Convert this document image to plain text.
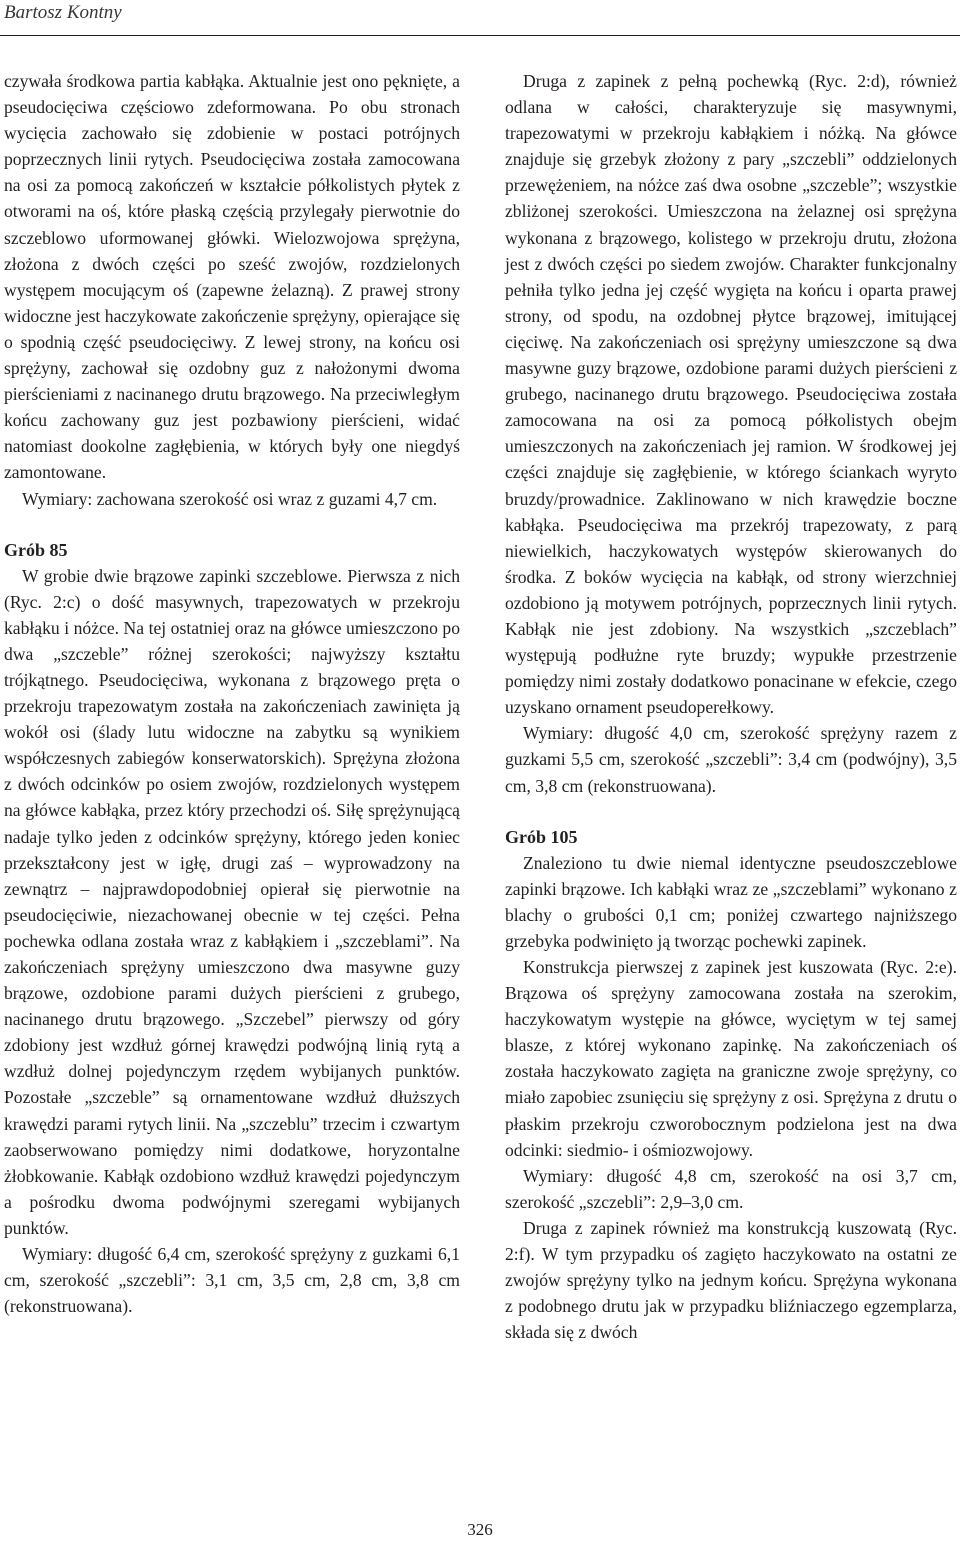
Bartosz Kontny

czywała środkowa partia kabłąka. Aktualnie jest ono pęknięte, a pseudocięciwa częściowo zdeformowana. Po obu stronach wycięcia zachowało się zdobienie w postaci potrójnych poprzecznych linii rytych. Pseudocięciwa została zamocowana na osi za pomocą zakończeń w kształcie półkolistych płytek z otworami na oś, które płaską częścią przylegały pierwotnie do szczeblowo uformowanej główki. Wielozwojowa sprężyna, złożona z dwóch części po sześć zwojów, rozdzielonych występem mocującym oś (zapewne żelazną). Z prawej strony widoczne jest haczykowate zakończenie sprężyny, opierające się o spodnią część pseudocięciwy. Z lewej strony, na końcu osi sprężyny, zachował się ozdobny guz z nałożonymi dwoma pierścieniami z nacinanego drutu brązowego. Na przeciwległym końcu zachowany guz jest pozbawiony pierścieni, widać natomiast dookolne zagłębienia, w których były one niegdyś zamontowane.

Wymiary: zachowana szerokość osi wraz z guzami 4,7 cm.

Grób 85

W grobie dwie brązowe zapinki szczeblowe. Pierwsza z nich (Ryc. 2:c) o dość masywnych, trapezowatych w przekroju kabłąku i nóżce. Na tej ostatniej oraz na główce umieszczono po dwa „szczeble” różnej szerokości; najwyższy kształtu trójkątnego. Pseudocięciwa, wykonana z brązowego pręta o przekroju trapezowatym została na zakończeniach zawinięta ją wokół osi (ślady lutu widoczne na zabytku są wynikiem współczesnych zabiegów konserwatorskich). Sprężyna złożona z dwóch odcinków po osiem zwojów, rozdzielonych występem na główce kabłąka, przez który przechodzi oś. Siłę sprężynującą nadaje tylko jeden z odcinków sprężyny, którego jeden koniec przekształcony jest w igłę, drugi zaś – wyprowadzony na zewnątrz – najprawdopodobniej opierał się pierwotnie na pseudocięciwie, niezachowanej obecnie w tej części. Pełna pochewka odlana została wraz z kabłąkiem i „szczeblami”. Na zakończeniach sprężyny umieszczono dwa masywne guzy brązowe, ozdobione parami dużych pierścieni z grubego, nacinanego drutu brązowego. „Szczebel” pierwszy od góry zdobiony jest wzdłuż górnej krawędzi podwójną linią rytą a wzdłuż dolnej pojedynczym rzędem wybijanych punktów. Pozostałe „szczeble” są ornamentowane wzdłuż dłuższych krawędzi parami rytych linii. Na „szczeblu” trzecim i czwartym zaobserwowano pomiędzy nimi dodatkowe, horyzontalne żłobkowanie. Kabłąk ozdobiono wzdłuż krawędzi pojedynczym a pośrodku dwoma podwójnymi szeregami wybijanych punktów.

Wymiary: długość 6,4 cm, szerokość sprężyny z guzkami 6,1 cm, szerokość „szczebli”: 3,1 cm, 3,5 cm, 2,8 cm, 3,8 cm (rekonstruowana).

Druga z zapinek z pełną pochewką (Ryc. 2:d), również odlana w całości, charakteryzuje się masywnymi, trapezowatymi w przekroju kabłąkiem i nóżką. Na główce znajduje się grzebyk złożony z pary „szczebli” oddzielonych przewężeniem, na nóżce zaś dwa osobne „szczeble”; wszystkie zbliżonej szerokości. Umieszczona na żelaznej osi sprężyna wykonana z brązowego, kolistego w przekroju drutu, złożona jest z dwóch części po siedem zwojów. Charakter funkcjonalny pełniła tylko jedna jej część wygięta na końcu i oparta prawej strony, od spodu, na ozdobnej płytce brązowej, imitującej cięciwę. Na zakończeniach osi sprężyny umieszczone są dwa masywne guzy brązowe, ozdobione parami dużych pierścieni z grubego, nacinanego drutu brązowego. Pseudocięciwa została zamocowana na osi za pomocą półkolistych obejm umieszczonych na zakończeniach jej ramion. W środkowej jej części znajduje się zagłębienie, w którego ściankach wyryto bruzdy/prowadnice. Zaklinowano w nich krawędzie boczne kabłąka. Pseudocięciwa ma przekrój trapezowaty, z parą niewielkich, haczykowatych występów skierowanych do środka. Z boków wycięcia na kabłąk, od strony wierzchniej ozdobiono ją motywem potrójnych, poprzecznych linii rytych. Kabłąk nie jest zdobiony. Na wszystkich „szczeblach” występują podłużne ryte bruzdy; wypukłe przestrzenie pomiędzy nimi zostały dodatkowo ponacinane w efekcie, czego uzyskano ornament pseudoperełkowy.

Wymiary: długość 4,0 cm, szerokość sprężyny razem z guzkami 5,5 cm, szerokość „szczebli”: 3,4 cm (podwójny), 3,5 cm, 3,8 cm (rekonstruowana).

Grób 105

Znaleziono tu dwie niemal identyczne pseudoszczeblowe zapinki brązowe. Ich kabłąki wraz ze „szczeblami” wykonano z blachy o grubości 0,1 cm; poniżej czwartego najniższego grzebyka podwinięto ją tworząc pochewki zapinek.

Konstrukcja pierwszej z zapinek jest kuszowata (Ryc. 2:e). Brązowa oś sprężyny zamocowana została na szerokim, haczykowatym występie na główce, wyciętym w tej samej blasze, z której wykonano zapinkę. Na zakończeniach oś została haczykowato zagięta na graniczne zwoje sprężyny, co miało zapobiec zsunięciu się sprężyny z osi. Sprężyna z drutu o płaskim przekroju czworobocznym podzielona jest na dwa odcinki: siedmio- i ośmiozwojowy.

Wymiary: długość 4,8 cm, szerokość na osi 3,7 cm, szerokość „szczebli”: 2,9–3,0 cm.

Druga z zapinek również ma konstrukcją kuszowatą (Ryc. 2:f). W tym przypadku oś zagięto haczykowato na ostatni ze zwojów sprężyny tylko na jednym końcu. Sprężyna wykonana z podobnego drutu jak w przypadku bliźniaczego egzemplarza, składa się z dwóch

326
